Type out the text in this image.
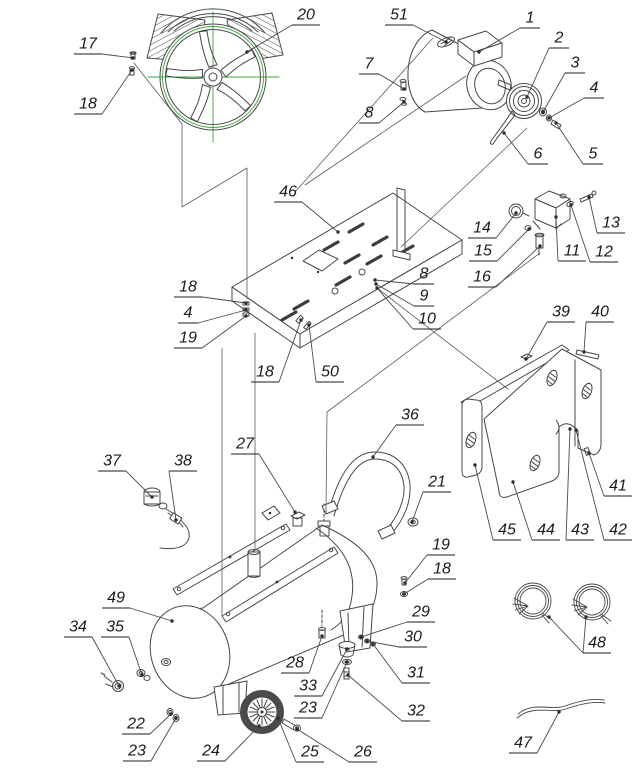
20
17
18
51	1
2
3
4
5
6
7
8
14
15
16
11 12
13
46
18
4
19
18	50
8
9
10	39 40
41
42
43
44
45
36
27
21
37	38
19
18
29
30
31
32
28
33
23
49
34 35
22
23	24	25 26
48
47
